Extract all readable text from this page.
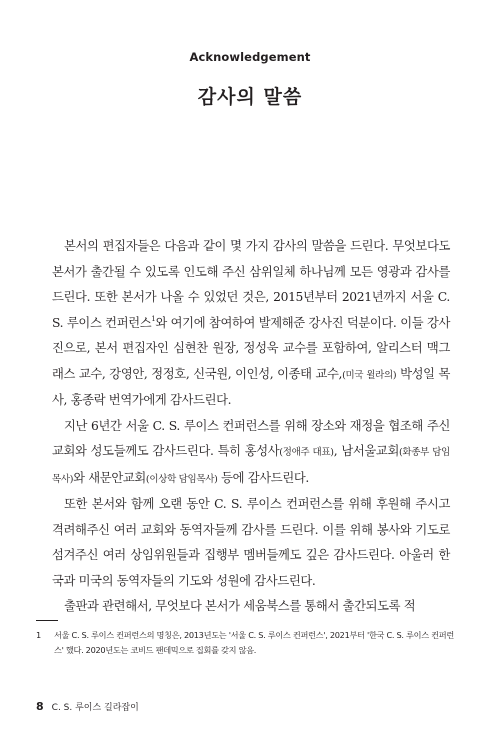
Acknowledgement
감사의 말씀

본서의 편집자들은 다음과 같이 몇 가지 감사의 말씀을 드린다. 무엇보다도 본서가 출간될 수 있도록 인도해 주신 삼위일체 하나님께 모든 영광과 감사를 드린다. 또한 본서가 나올 수 있었던 것은, 2015년부터 2021년까지 서울 C. S. 루이스 컨퍼런스$^1$와 여기에 참여하여 발제해준 강사진 덕분이다. 이들 강사진으로, 본서 편집자인 심현찬 원장, 정성욱 교수를 포함하여, 알리스터 맥그래스 교수, 강영안, 정정호, 신국원, 이인성, 이종태 교수,(미국 윌라의) 박성일 목사, 홍종락 번역가에게 감사드린다.

지난 6년간 서울 C. S. 루이스 컨퍼런스를 위해 장소와 재정을 협조해 주신 교회와 성도들께도 감사드린다. 특히 홍성사(정애주 대표), 남서울교회(화종부 담임목사)와 새문안교회(이상학 담임목사) 등에 감사드린다.

또한 본서와 함께 오랜 동안 C. S. 루이스 컨퍼런스를 위해 후원해 주시고 격려해주신 여러 교회와 동역자들께 감사를 드린다. 이를 위해 봉사와 기도로 섬겨주신 여러 상임위원들과 집행부 멤버들께도 깊은 감사드린다. 아울러 한국과 미국의 동역자들의 기도와 성원에 감사드린다.

출판과 관련해서, 무엇보다 본서가 세움북스를 통해서 출간되도록 적

1	서울 C. S. 루이스 컨퍼런스의 명칭은, 2013년도는 '서울 C. S. 루이스 컨퍼런스', 2021부터 '한국 C. S. 루이스 컨퍼런스' 했다. 2020년도는 코비드 팬데믹으로 집회를 갖지 않음.
8 C. S. 루이스 길라잡이
